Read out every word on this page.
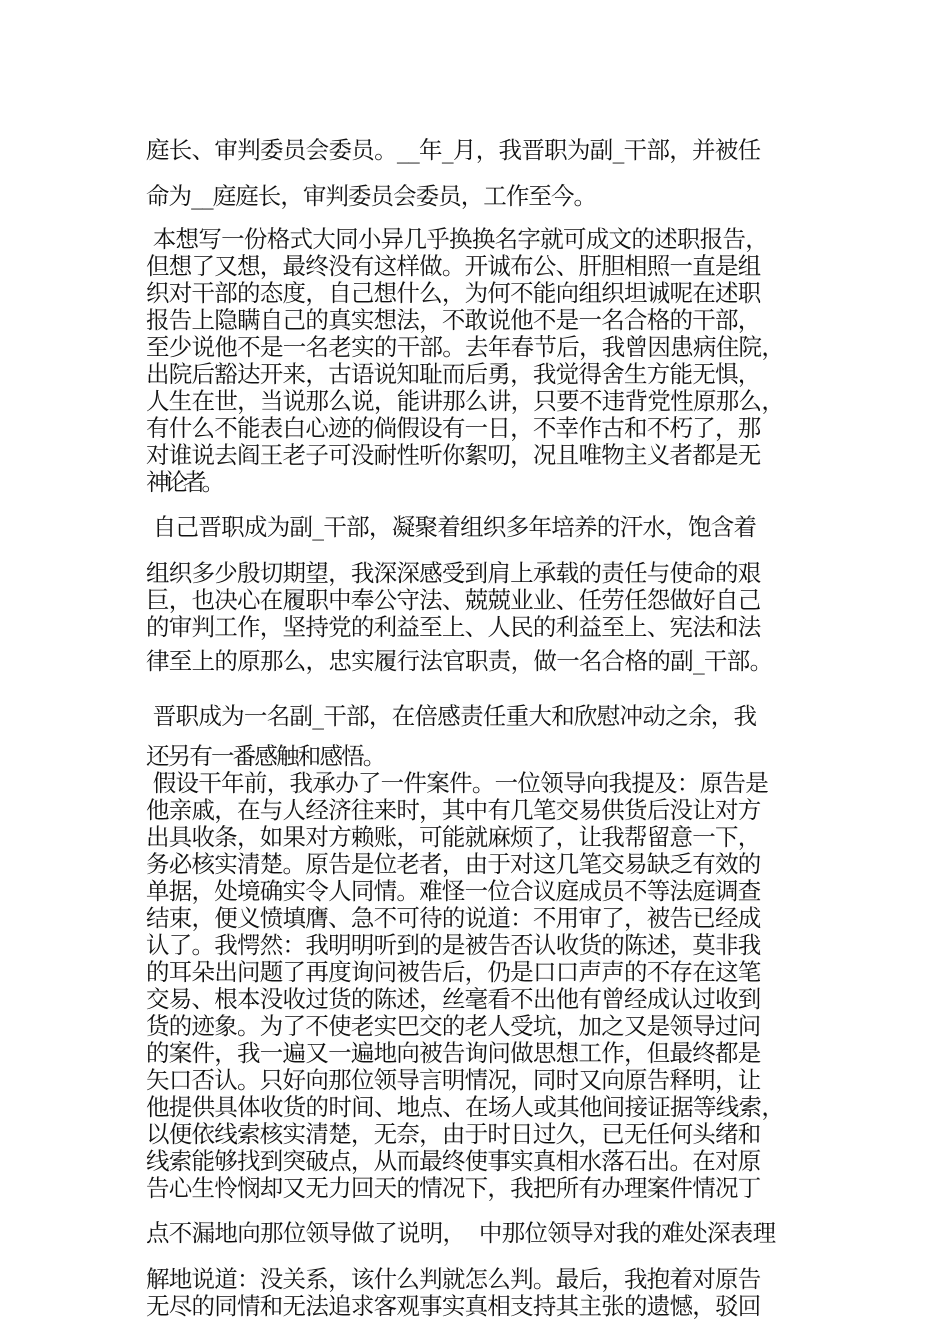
庭长、审判委员会委员。__年_月，我晋职为副_干部，并被任
命为__庭庭长，审判委员会委员，工作至今。
本想写一份格式大同小异几乎换换名字就可成文的述职报告，
但想了又想，最终没有这样做。开诚布公、肝胆相照一直是组
织对干部的态度，自己想什么，为何不能向组织坦诚呢在述职
报告上隐瞒自己的真实想法，不敢说他不是一名合格的干部，
至少说他不是一名老实的干部。去年春节后，我曾因患病住院，
出院后豁达开来，古语说知耻而后勇，我觉得舍生方能无惧，
人生在世，当说那么说，能讲那么讲，只要不违背党性原那么，
有什么不能表白心迹的倘假设有一日，不幸作古和不朽了，那
对谁说去阎王老子可没耐性听你絮叨，况且唯物主义者都是无
神论者。
自己晋职成为副_干部，凝聚着组织多年培养的汗水，饱含着
组织多少殷切期望，我深深感受到肩上承载的责任与使命的艰
巨，也决心在履职中奉公守法、兢兢业业、任劳任怨做好自己
的审判工作，坚持党的利益至上、人民的利益至上、宪法和法
律至上的原那么，忠实履行法官职责，做一名合格的副_干部。
晋职成为一名副_干部，在倍感责任重大和欣慰冲动之余，我
还另有一番感触和感悟。
假设干年前，我承办了一件案件。一位领导向我提及：原告是
他亲戚，在与人经济往来时，其中有几笔交易供货后没让对方
出具收条，如果对方赖账，可能就麻烦了，让我帮留意一下，
务必核实清楚。原告是位老者，由于对这几笔交易缺乏有效的
单据，处境确实令人同情。难怪一位合议庭成员不等法庭调查
结束，便义愤填膺、急不可待的说道：不用审了，被告已经成
认了。我愕然：我明明听到的是被告否认收货的陈述，莫非我
的耳朵出问题了再度询问被告后，仍是口口声声的不存在这笔
交易、根本没收过货的陈述，丝毫看不出他有曾经成认过收到
货的迹象。为了不使老实巴交的老人受坑，加之又是领导过问
的案件，我一遍又一遍地向被告询问做思想工作，但最终都是
矢口否认。只好向那位领导言明情况，同时又向原告释明，让
他提供具体收货的时间、地点、在场人或其他间接证据等线索，
以便依线索核实清楚，无奈，由于时日过久，已无任何头绪和
线索能够找到突破点，从而最终使事实真相水落石出。在对原
告心生怜悯却又无力回天的情况下，我把所有办理案件情况丁
点不漏地向那位领导做了说明，  中那位领导对我的难处深表理
解地说道：没关系，该什么判就怎么判。最后，我抱着对原告
无尽的同情和无法追求客观事实真相支持其主张的遗憾，驳回
